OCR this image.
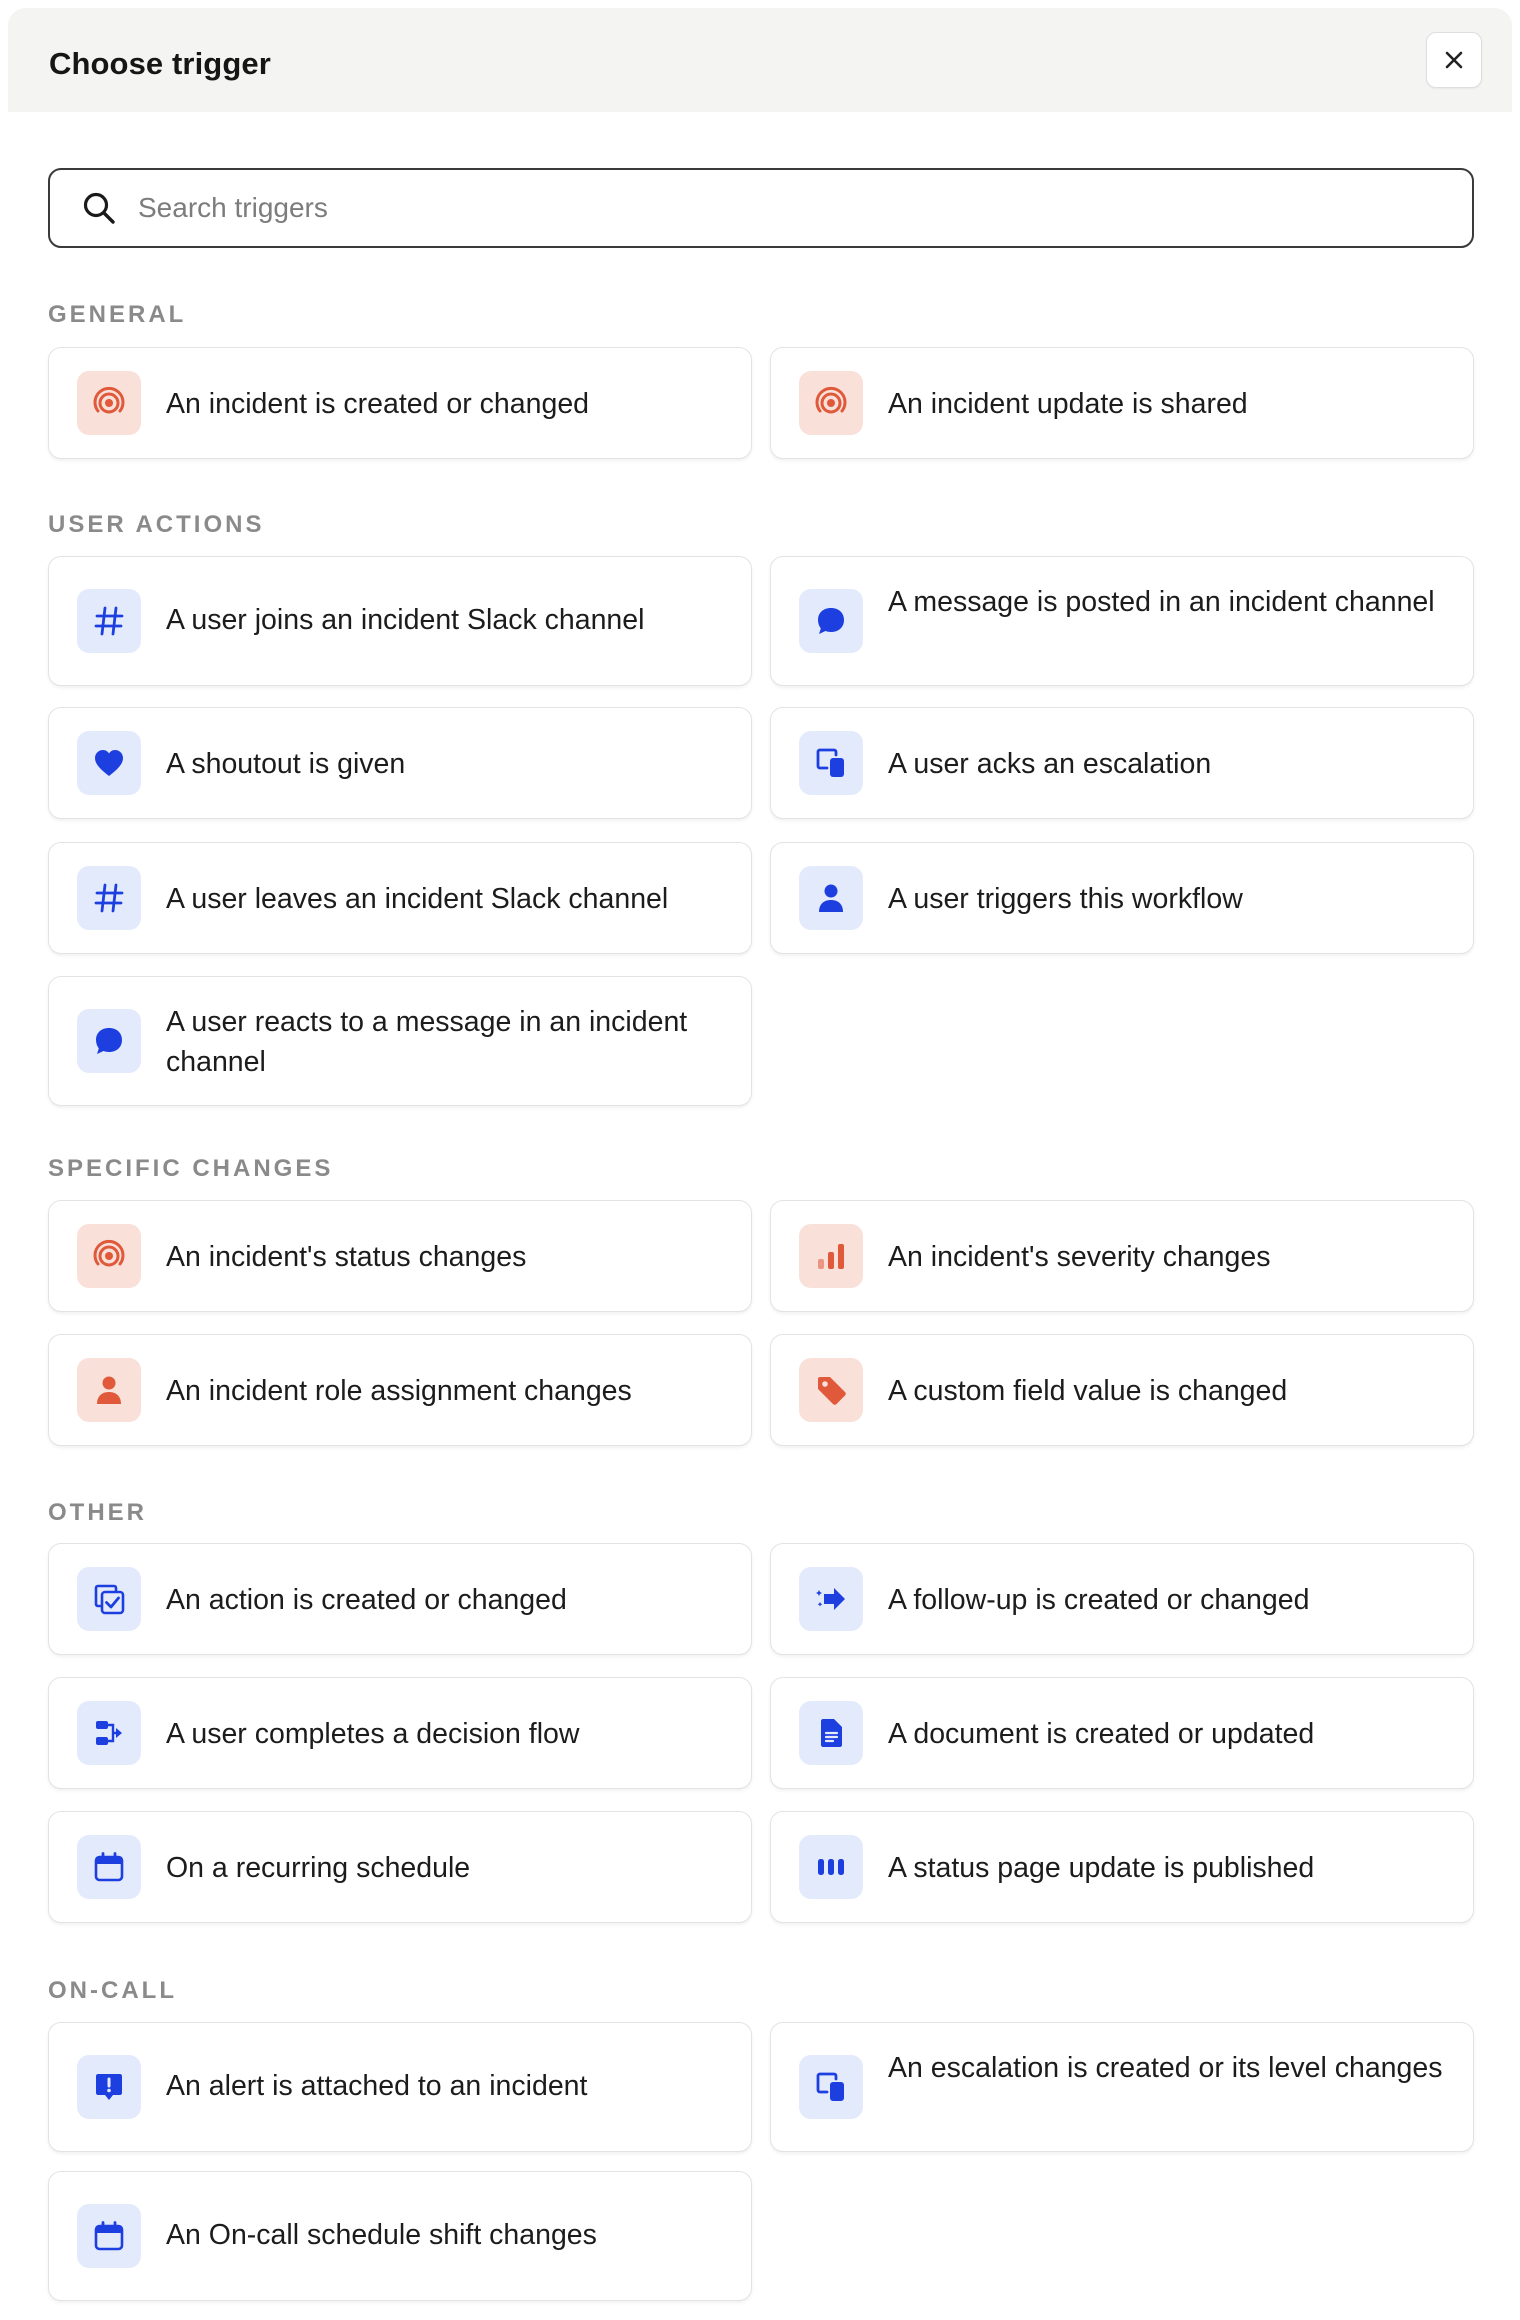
Choose trigger
Search triggers
GENERAL
An incident is created or changed	An incident update is shared
USER ACTIONS
A user joins an incident Slack channel
A message is posted in an incident channel
A shoutout is given	A user acks an escalation
A user leaves an incident Slack channel	A user triggers this workflow
A user reacts to a message in an incident channel
SPECIFIC CHANGES
An incident's status changes	An incident's severity changes
An incident role assignment changes	A custom field value is changed
OTHER
An action is created or changed	A follow-up is created or changed
A user completes a decision flow	A document is created or updated
On a recurring schedule	A status page update is published
ON-CALL
An alert is attached to an incident
An escalation is created or its level changes
An On-call schedule shift changes
